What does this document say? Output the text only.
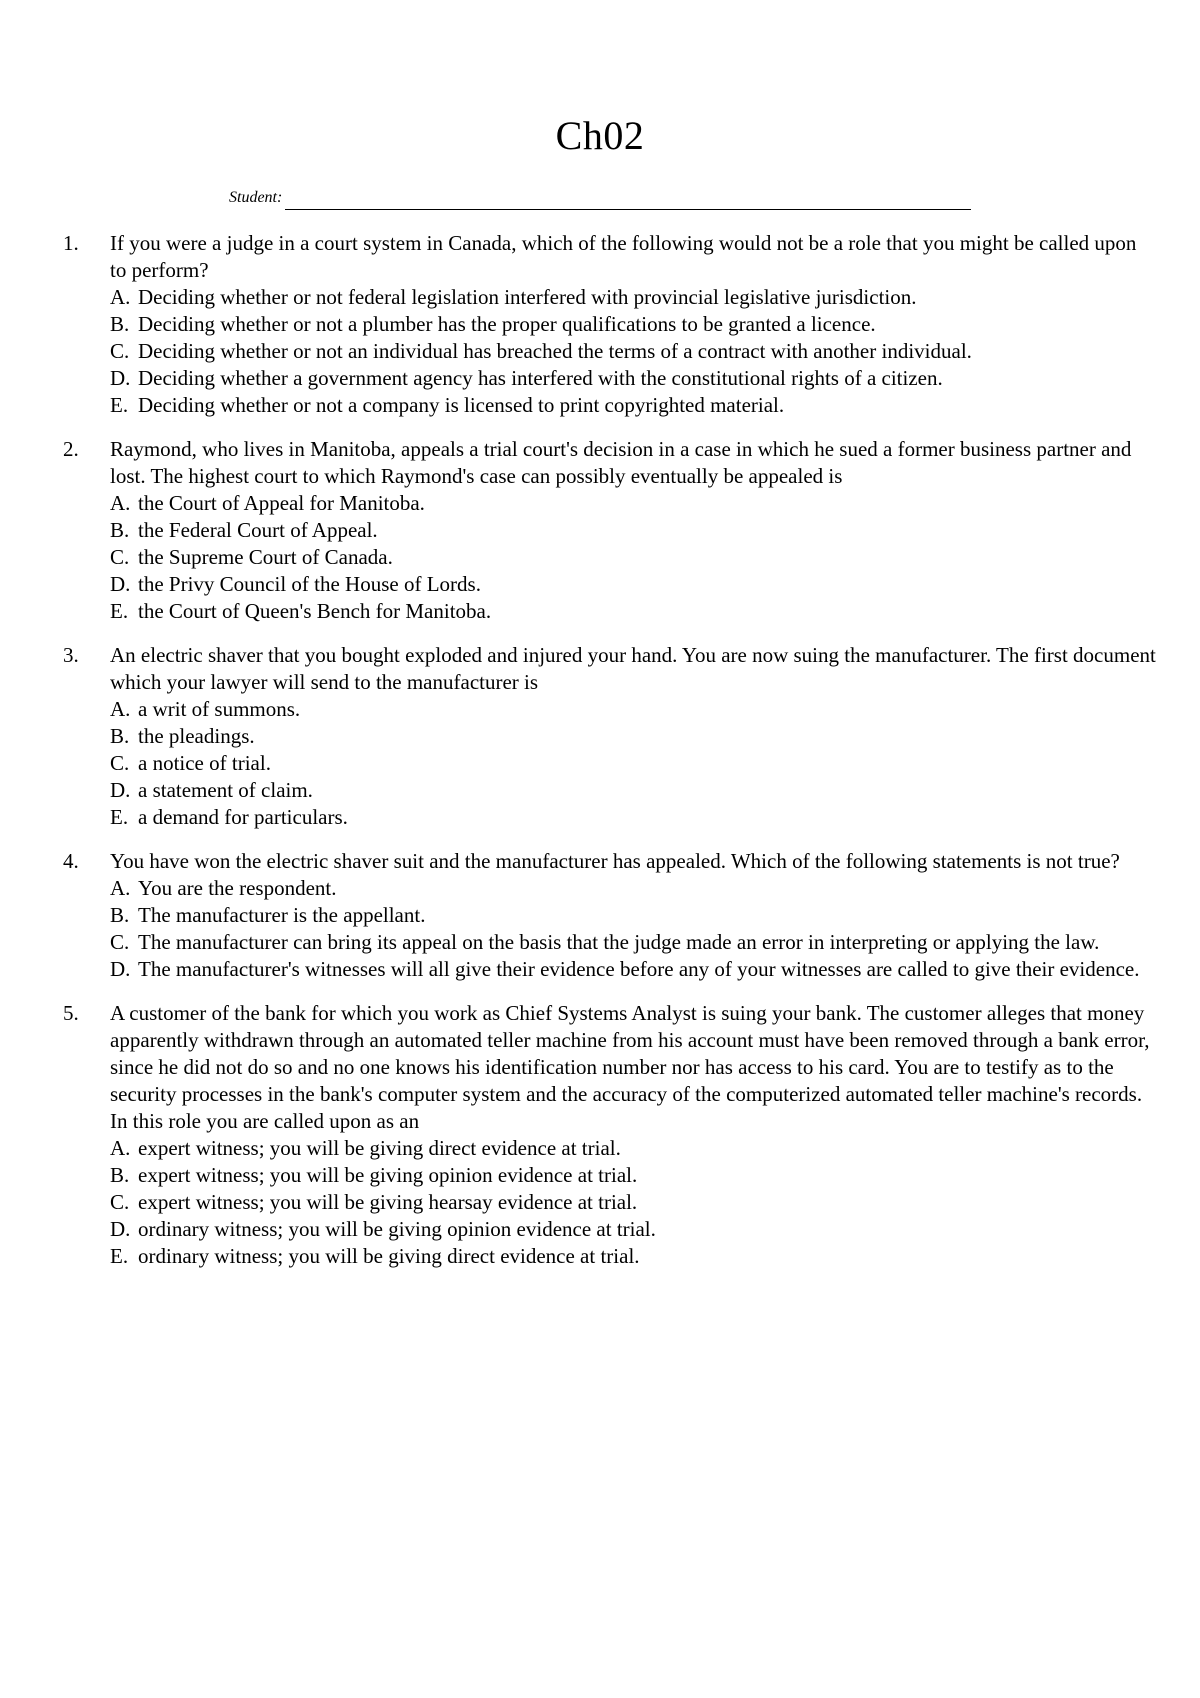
Ch02
Student:
1. If you were a judge in a court system in Canada, which of the following would not be a role that you might be called upon to perform?

A. Deciding whether or not federal legislation interfered with provincial legislative jurisdiction.
B. Deciding whether or not a plumber has the proper qualifications to be granted a licence.
C. Deciding whether or not an individual has breached the terms of a contract with another individual.
D. Deciding whether a government agency has interfered with the constitutional rights of a citizen.
E. Deciding whether or not a company is licensed to print copyrighted material.
2. Raymond, who lives in Manitoba, appeals a trial court's decision in a case in which he sued a former business partner and lost. The highest court to which Raymond's case can possibly eventually be appealed is

A. the Court of Appeal for Manitoba.
B. the Federal Court of Appeal.
C. the Supreme Court of Canada.
D. the Privy Council of the House of Lords.
E. the Court of Queen's Bench for Manitoba.
3. An electric shaver that you bought exploded and injured your hand. You are now suing the manufacturer. The first document which your lawyer will send to the manufacturer is

A. a writ of summons.
B. the pleadings.
C. a notice of trial.
D. a statement of claim.
E. a demand for particulars.
4. You have won the electric shaver suit and the manufacturer has appealed. Which of the following statements is not true?

A. You are the respondent.
B. The manufacturer is the appellant.
C. The manufacturer can bring its appeal on the basis that the judge made an error in interpreting or applying the law.
D. The manufacturer's witnesses will all give their evidence before any of your witnesses are called to give their evidence.
5. A customer of the bank for which you work as Chief Systems Analyst is suing your bank. The customer alleges that money apparently withdrawn through an automated teller machine from his account must have been removed through a bank error, since he did not do so and no one knows his identification number nor has access to his card. You are to testify as to the security processes in the bank's computer system and the accuracy of the computerized automated teller machine's records. In this role you are called upon as an

A. expert witness; you will be giving direct evidence at trial.
B. expert witness; you will be giving opinion evidence at trial.
C. expert witness; you will be giving hearsay evidence at trial.
D. ordinary witness; you will be giving opinion evidence at trial.
E. ordinary witness; you will be giving direct evidence at trial.
